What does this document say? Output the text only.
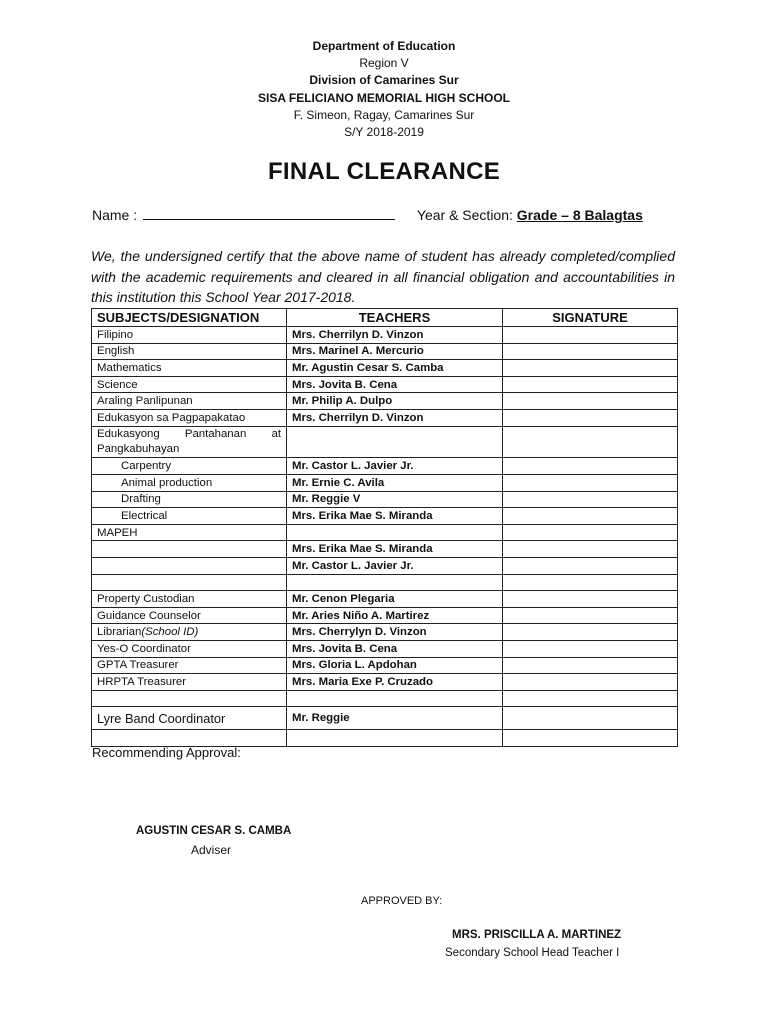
Department of Education
Region V
Division of Camarines Sur
SISA FELICIANO MEMORIAL HIGH SCHOOL
F. Simeon, Ragay, Camarines Sur
S/Y 2018-2019
FINAL CLEARANCE
Name :	Year & Section: Grade – 8 Balagtas
We, the undersigned certify that the above name of student has already completed/complied with the academic requirements and cleared in all financial obligation and accountabilities in this institution this School Year 2017-2018.
SUBJECTS/DESIGNATION	TEACHERS	SIGNATURE
Filipino	Mrs. Cherrilyn D. Vinzon	
English	Mrs. Marinel A. Mercurio	
Mathematics	Mr. Agustin Cesar S. Camba	
Science	Mrs. Jovita B. Cena	
Araling Panlipunan	Mr. Philip A. Dulpo	
Edukasyon sa Pagpapakatao	Mrs. Cherrilyn D. Vinzon	
Edukasyong Pantahanan at Pangkabuhayan		
Carpentry	Mr. Castor L. Javier Jr.	
Animal production	Mr. Ernie C. Avila	
Drafting	Mr. Reggie V	
Electrical	Mrs. Erika Mae S. Miranda	
MAPEH		
	Mrs. Erika Mae S. Miranda	
	Mr. Castor L. Javier Jr.	

Property Custodian	Mr. Cenon Plegaria	
Guidance Counselor	Mr. Aries Niño A. Martirez	
Librarian(School ID)	Mrs. Cherrylyn D. Vinzon	
Yes-O Coordinator	Mrs. Jovita B. Cena	
GPTA Treasurer	Mrs. Gloria L. Apdohan	
HRPTA Treasurer	Mrs. Maria Exe P. Cruzado	

Lyre Band Coordinator	Mr. Reggie	

Recommending Approval:
AGUSTIN CESAR S. CAMBA
Adviser
APPROVED BY:
MRS. PRISCILLA A. MARTINEZ
Secondary School Head Teacher I
